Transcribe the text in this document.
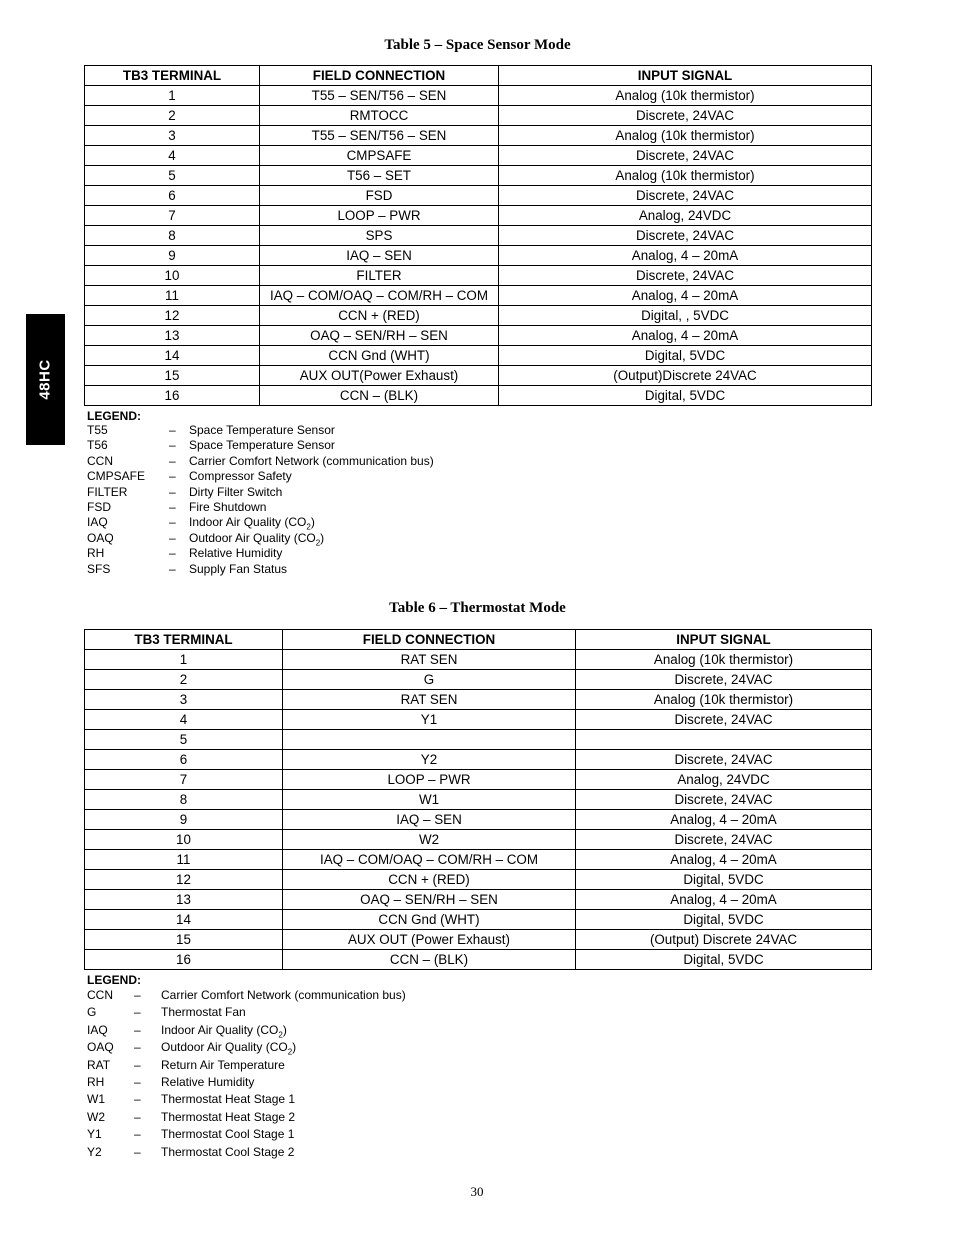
48HC
Table 5 – Space Sensor Mode
TB3 TERMINAL	FIELD CONNECTION	INPUT SIGNAL
1	T55 – SEN/T56 – SEN	Analog (10k thermistor)
2	RMTOCC	Discrete, 24VAC
3	T55 – SEN/T56 – SEN	Analog (10k thermistor)
4	CMPSAFE	Discrete, 24VAC
5	T56 – SET	Analog (10k thermistor)
6	FSD	Discrete, 24VAC
7	LOOP – PWR	Analog, 24VDC
8	SPS	Discrete, 24VAC
9	IAQ – SEN	Analog, 4 – 20mA
10	FILTER	Discrete, 24VAC
11	IAQ – COM/OAQ – COM/RH – COM	Analog, 4 – 20mA
12	CCN + (RED)	Digital, , 5VDC
13	OAQ – SEN/RH – SEN	Analog, 4 – 20mA
14	CCN Gnd (WHT)	Digital, 5VDC
15	AUX OUT(Power Exhaust)	(Output)Discrete 24VAC
16	CCN – (BLK)	Digital, 5VDC
LEGEND:
T55	– Space Temperature Sensor
T56	– Space Temperature Sensor
CCN	– Carrier Comfort Network (communication bus)
CMPSAFE – Compressor Safety
FILTER	– Dirty Filter Switch
FSD	– Fire Shutdown
IAQ	– Indoor Air Quality $(CO_2)$
OAQ	– Outdoor Air Quality $(CO_2)$
RH	– Relative Humidity
SFS	– Supply Fan Status
Table 6 – Thermostat Mode
TB3 TERMINAL	FIELD CONNECTION	INPUT SIGNAL
1	RAT SEN	Analog (10k thermistor)
2	G	Discrete, 24VAC
3	RAT SEN	Analog (10k thermistor)
4	Y1	Discrete, 24VAC
5		
6	Y2	Discrete, 24VAC
7	LOOP – PWR	Analog, 24VDC
8	W1	Discrete, 24VAC
9	IAQ – SEN	Analog, 4 – 20mA
10	W2	Discrete, 24VAC
11	IAQ – COM/OAQ – COM/RH – COM	Analog, 4 – 20mA
12	CCN + (RED)	Digital, 5VDC
13	OAQ – SEN/RH – SEN	Analog, 4 – 20mA
14	CCN Gnd (WHT)	Digital, 5VDC
15	AUX OUT (Power Exhaust)	(Output) Discrete 24VAC
16	CCN – (BLK)	Digital, 5VDC
LEGEND:
CCN – Carrier Comfort Network (communication bus)
G	– Thermostat Fan
IAQ – Indoor Air Quality $(CO_2)$
OAQ – Outdoor Air Quality $(CO_2)$
RAT – Return Air Temperature
RH – Relative Humidity
W1 – Thermostat Heat Stage 1
W2 – Thermostat Heat Stage 2
Y1	– Thermostat Cool Stage 1
Y2	– Thermostat Cool Stage 2
30
